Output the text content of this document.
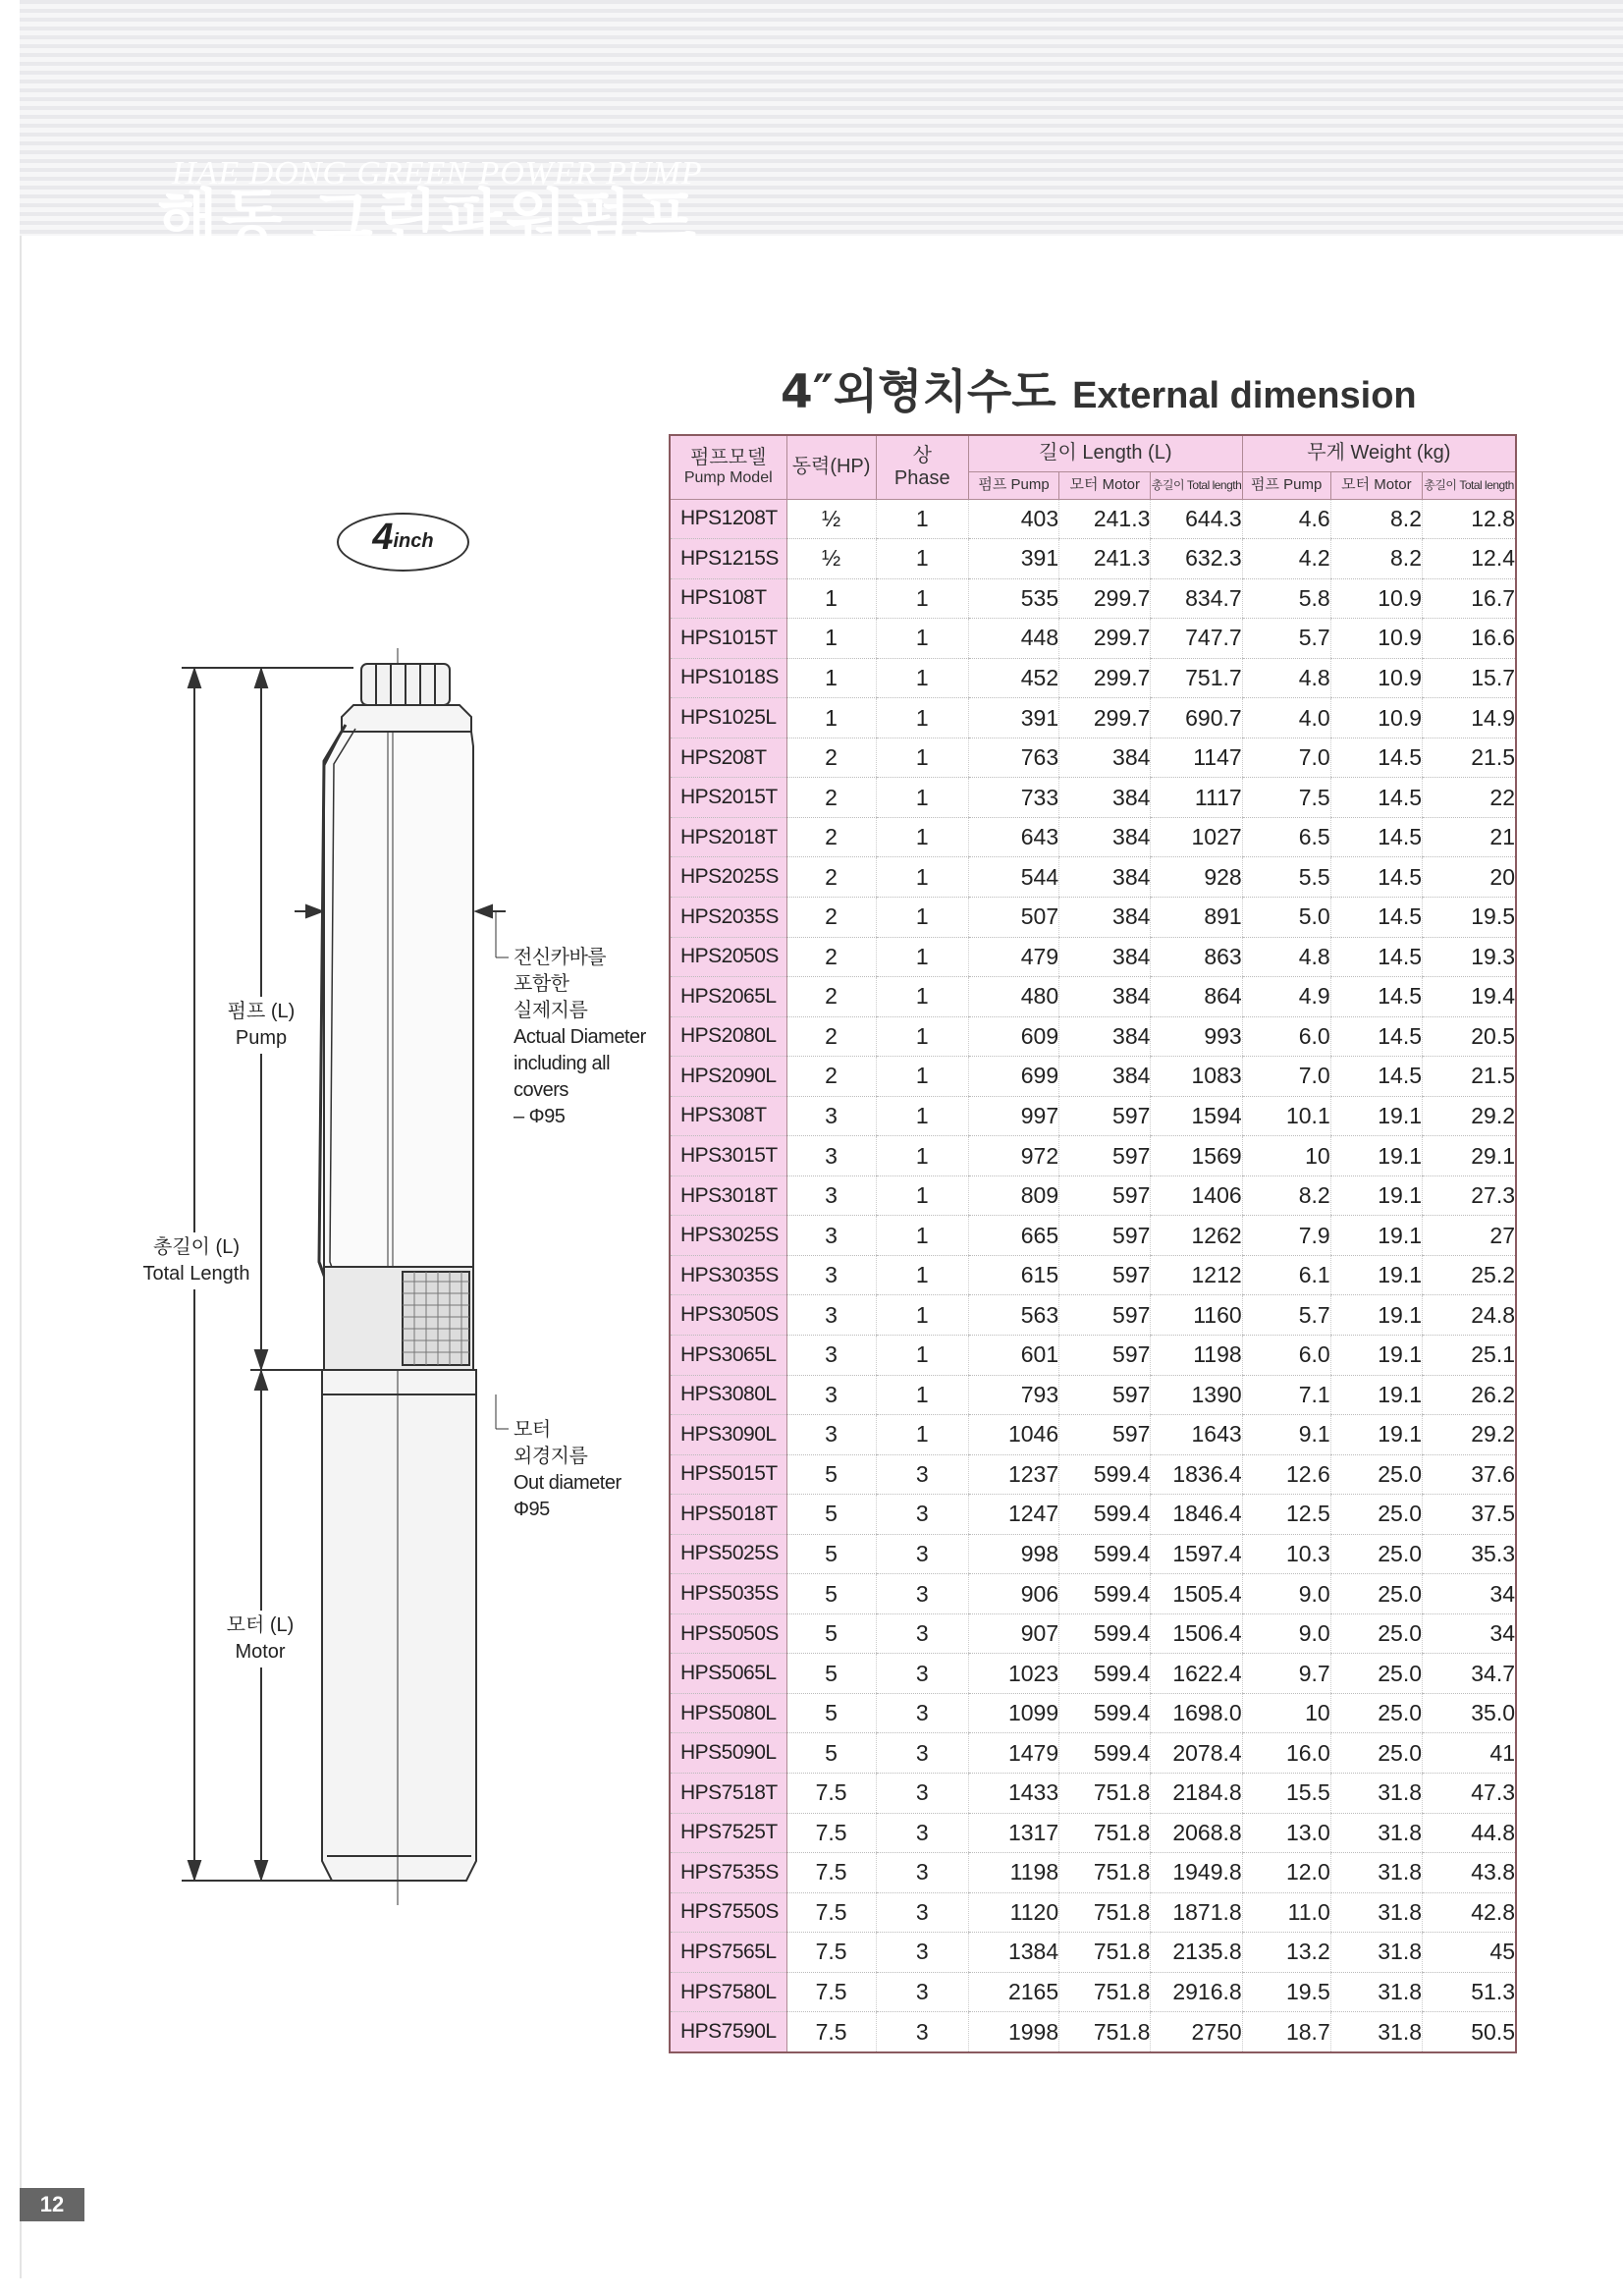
HAE DONG GREEN POWER PUMP
해동 그린파워펌프
4″외형치수도 External dimension
4inch
펌프 (L)
Pump
총길이 (L)
Total Length
모터 (L)
Motor
전신카바를
포함한
실제지름
Actual Diameter
including all
covers
– Φ95
모터
외경지름
Out diameter
Φ95
펌프모델
Pump Model	동력(HP)	상
Phase	길이 Length (L)			무게 Weight (kg)		

			펌프 Pump	모터 Motor	총길이 Total length	펌프 Pump	모터 Motor	총길이 Total length
HPS1208T	½	1	403	241.3	644.3	4.6	8.2	12.8
HPS1215S	½	1	391	241.3	632.3	4.2	8.2	12.4
HPS108T	1	1	535	299.7	834.7	5.8	10.9	16.7
HPS1015T	1	1	448	299.7	747.7	5.7	10.9	16.6
HPS1018S	1	1	452	299.7	751.7	4.8	10.9	15.7
HPS1025L	1	1	391	299.7	690.7	4.0	10.9	14.9
HPS208T	2	1	763	384	1147	7.0	14.5	21.5
HPS2015T	2	1	733	384	1117	7.5	14.5	22
HPS2018T	2	1	643	384	1027	6.5	14.5	21
HPS2025S	2	1	544	384	928	5.5	14.5	20
HPS2035S	2	1	507	384	891	5.0	14.5	19.5
HPS2050S	2	1	479	384	863	4.8	14.5	19.3
HPS2065L	2	1	480	384	864	4.9	14.5	19.4
HPS2080L	2	1	609	384	993	6.0	14.5	20.5
HPS2090L	2	1	699	384	1083	7.0	14.5	21.5
HPS308T	3	1	997	597	1594	10.1	19.1	29.2
HPS3015T	3	1	972	597	1569	10	19.1	29.1
HPS3018T	3	1	809	597	1406	8.2	19.1	27.3
HPS3025S	3	1	665	597	1262	7.9	19.1	27
HPS3035S	3	1	615	597	1212	6.1	19.1	25.2
HPS3050S	3	1	563	597	1160	5.7	19.1	24.8
HPS3065L	3	1	601	597	1198	6.0	19.1	25.1
HPS3080L	3	1	793	597	1390	7.1	19.1	26.2
HPS3090L	3	1	1046	597	1643	9.1	19.1	29.2
HPS5015T	5	3	1237	599.4	1836.4	12.6	25.0	37.6
HPS5018T	5	3	1247	599.4	1846.4	12.5	25.0	37.5
HPS5025S	5	3	998	599.4	1597.4	10.3	25.0	35.3
HPS5035S	5	3	906	599.4	1505.4	9.0	25.0	34
HPS5050S	5	3	907	599.4	1506.4	9.0	25.0	34
HPS5065L	5	3	1023	599.4	1622.4	9.7	25.0	34.7
HPS5080L	5	3	1099	599.4	1698.0	10	25.0	35.0
HPS5090L	5	3	1479	599.4	2078.4	16.0	25.0	41
HPS7518T	7.5	3	1433	751.8	2184.8	15.5	31.8	47.3
HPS7525T	7.5	3	1317	751.8	2068.8	13.0	31.8	44.8
HPS7535S	7.5	3	1198	751.8	1949.8	12.0	31.8	43.8
HPS7550S	7.5	3	1120	751.8	1871.8	11.0	31.8	42.8
HPS7565L	7.5	3	1384	751.8	2135.8	13.2	31.8	45
HPS7580L	7.5	3	2165	751.8	2916.8	19.5	31.8	51.3
HPS7590L	7.5	3	1998	751.8	2750	18.7	31.8	50.5
12
